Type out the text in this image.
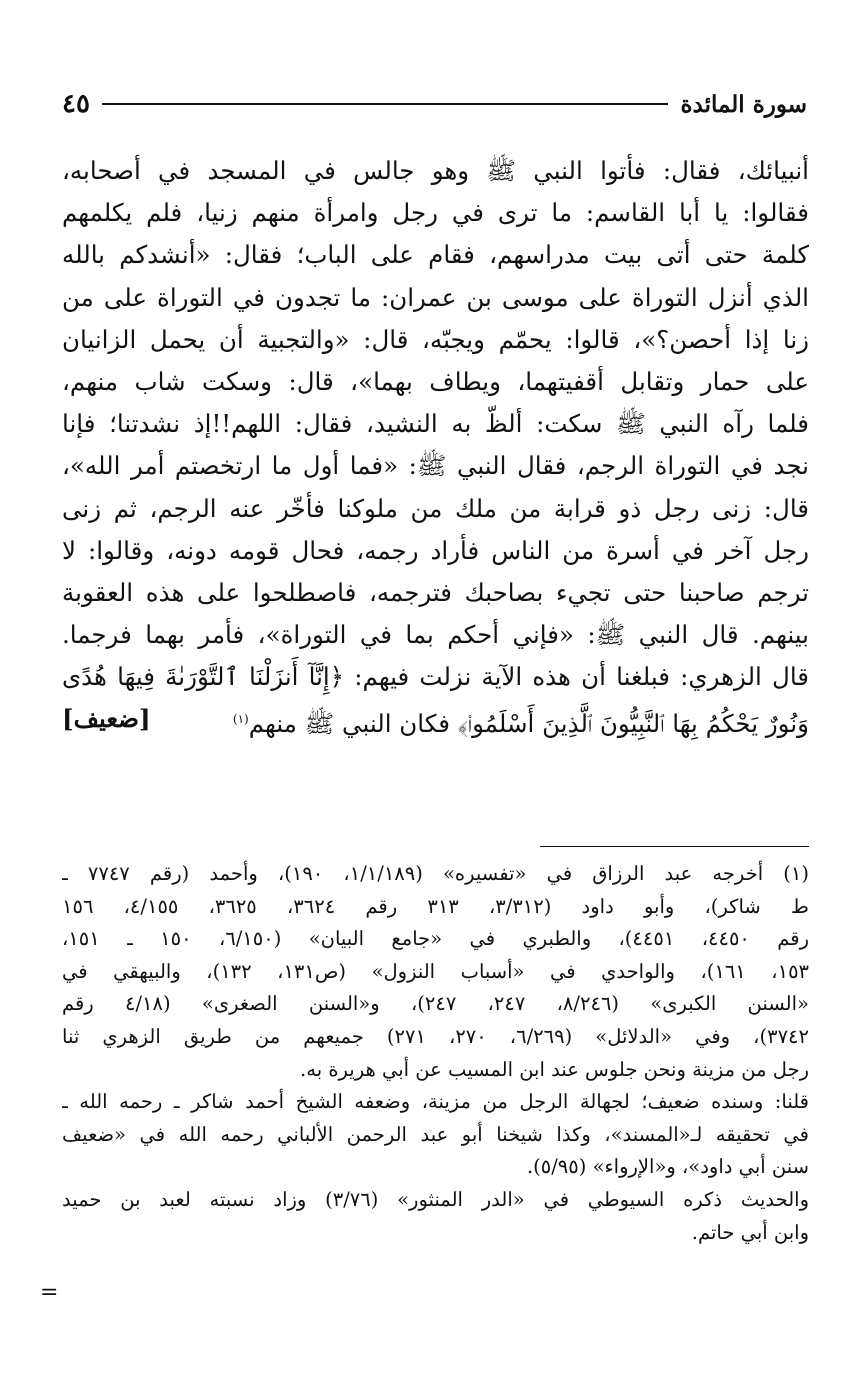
سورة المائدة
٤٥
أنبيائك، فقال: فأتوا النبي ﷺ وهو جالس في المسجد في أصحابه،
فقالوا: يا أبا القاسم: ما ترى في رجل وامرأة منهم زنيا، فلم يكلمهم
كلمة حتى أتى بيت مدراسهم، فقام على الباب؛ فقال: «أنشدكم بالله
الذي أنزل التوراة على موسى بن عمران: ما تجدون في التوراة على من
زنا إذا أحصن؟»، قالوا: يحمّم ويجبّه، قال: «والتجبية أن يحمل الزانيان
على حمار وتقابل أقفيتهما، ويطاف بهما»، قال: وسكت شاب منهم،
فلما رآه النبي ﷺ سكت: ألظّ به النشيد، فقال: اللهم!!إذ نشدتنا؛ فإنا
نجد في التوراة الرجم، فقال النبي ﷺ: «فما أول ما ارتخصتم أمر الله»،
قال: زنى رجل ذو قرابة من ملك من ملوكنا فأخّر عنه الرجم، ثم زنى
رجل آخر في أسرة من الناس فأراد رجمه، فحال قومه دونه، وقالوا: لا
ترجم صاحبنا حتى تجيء بصاحبك فترجمه، فاصطلحوا على هذه العقوبة
بينهم. قال النبي ﷺ: «فإني أحكم بما في التوراة»، فأمر بهما فرجما.
قال الزهري: فبلغنا أن هذه الآية نزلت فيهم: ﴿إِنَّآ أَنزَلْنَا ٱلتَّوْرَىٰةَ فِيهَا هُدًى
وَنُورٌ يَحْكُمُ بِهَا ٱلنَّبِيُّونَ ٱلَّذِينَ أَسْلَمُوا۟﴾ فكان النبي ﷺ منهم$^{(١)}$
[ضعيف]
(١) أخرجه عبد الرزاق في «تفسيره» (١/١/١٨٩، ١٩٠)، وأحمد (رقم ٧٧٤٧ ـ
ط شاكر)، وأبو داود (٣/٣١٢، ٣١٣ رقم ٣٦٢٤، ٣٦٢٥، ٤/١٥٥، ١٥٦
رقم ٤٤٥٠، ٤٤٥١)، والطبري في «جامع البيان» (٦/١٥٠، ١٥٠ ـ ١٥١،
١٥٣، ١٦١)، والواحدي في «أسباب النزول» (ص١٣١، ١٣٢)، والبيهقي في
«السنن الكبرى» (٨/٢٤٦، ٢٤٧، ٢٤٧)، و«السنن الصغرى» (٤/١٨ رقم
٣٧٤٢)، وفي «الدلائل» (٦/٢٦٩، ٢٧٠، ٢٧١) جميعهم من طريق الزهري ثنا
رجل من مزينة ونحن جلوس عند ابن المسيب عن أبي هريرة به.
قلنا: وسنده ضعيف؛ لجهالة الرجل من مزينة، وضعفه الشيخ أحمد شاكر ـ رحمه الله ـ
في تحقيقه لـ«المسند»، وكذا شيخنا أبو عبد الرحمن الألباني رحمه الله في «ضعيف
سنن أبي داود»، و«الإرواء» (٥/٩٥).
والحديث ذكره السيوطي في «الدر المنثور» (٣/٧٦) وزاد نسبته لعبد بن حميد
وابن أبي حاتم.
=
